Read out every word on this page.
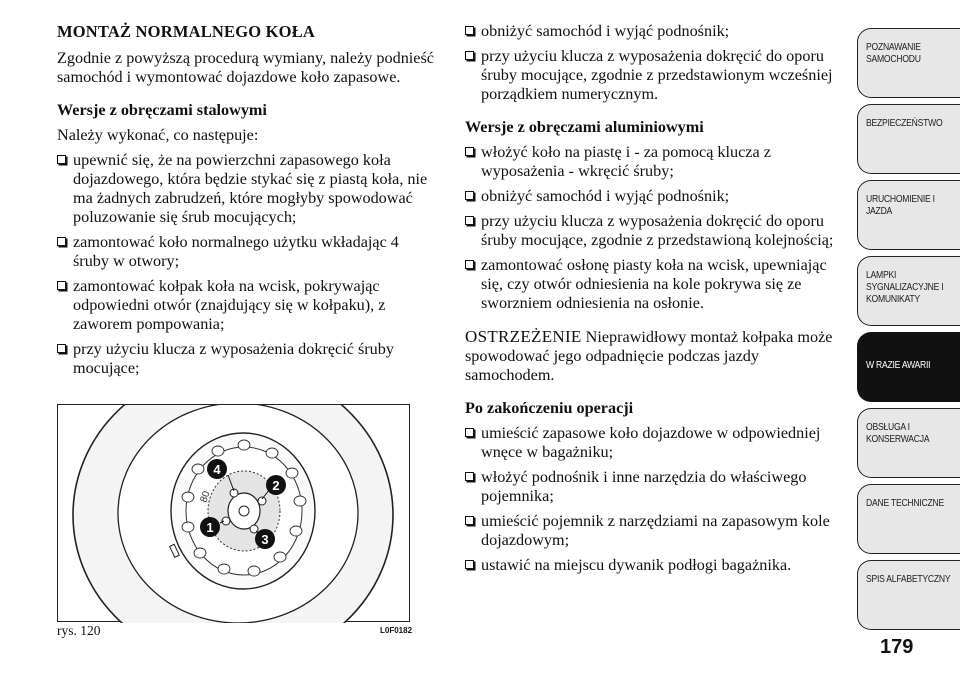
MONTAŻ NORMALNEGO KOŁA

Zgodnie z powyższą procedurą wymiany, należy podnieść samochód i wymontować dojazdowe koło zapasowe.

Wersje z obręczami stalowymi

Należy wykonać, co następuje:

upewnić się, że na powierzchni zapasowego koła dojazdowego, która będzie stykać się z piastą koła, nie ma żadnych zabrudzeń, które mogłyby spowodować poluzowanie się śrub mocujących;
zamontować koło normalnego użytku wkładając 4 śruby w otwory;
zamontować kołpak koła na wcisk, pokrywając odpowiedni otwór (znajdujący się w kołpaku), z zaworem pompowania;
przy użyciu klucza z wyposażenia dokręcić śruby mocujące;
80
4
2
1
3
rys. 120	L0F0182
obniżyć samochód i wyjąć podnośnik;
przy użyciu klucza z wyposażenia dokręcić do oporu śruby mocujące, zgodnie z przedstawionym wcześniej porządkiem numerycznym.
Wersje z obręczami aluminiowymi
włożyć koło na piastę i - za pomocą klucza z wyposażenia - wkręcić śruby;
obniżyć samochód i wyjąć podnośnik;
przy użyciu klucza z wyposażenia dokręcić do oporu śruby mocujące, zgodnie z przedstawioną kolejnością;
zamontować osłonę piasty koła na wcisk, upewniając się, czy otwór odniesienia na kole pokrywa się ze sworzniem odniesienia na osłonie.

OSTRZEŻENIE Nieprawidłowy montaż kołpaka może spowodować jego odpadnięcie podczas jazdy samochodem.

Po zakończeniu operacji
umieścić zapasowe koło dojazdowe w odpowiedniej wnęce w bagażniku;
włożyć podnośnik i inne narzędzia do właściwego pojemnika;
umieścić pojemnik z narzędziami na zapasowym kole dojazdowym;
ustawić na miejscu dywanik podłogi bagażnika.
POZNAWANIE SAMOCHODU
BEZPIECZEŃSTWO
URUCHOMIENIE I JAZDA
LAMPKI SYGNALIZACYJNE I KOMUNIKATY
W RAZIE AWARII
OBSŁUGA I KONSERWACJA
DANE TECHNICZNE
SPIS ALFABETYCZNY
179
